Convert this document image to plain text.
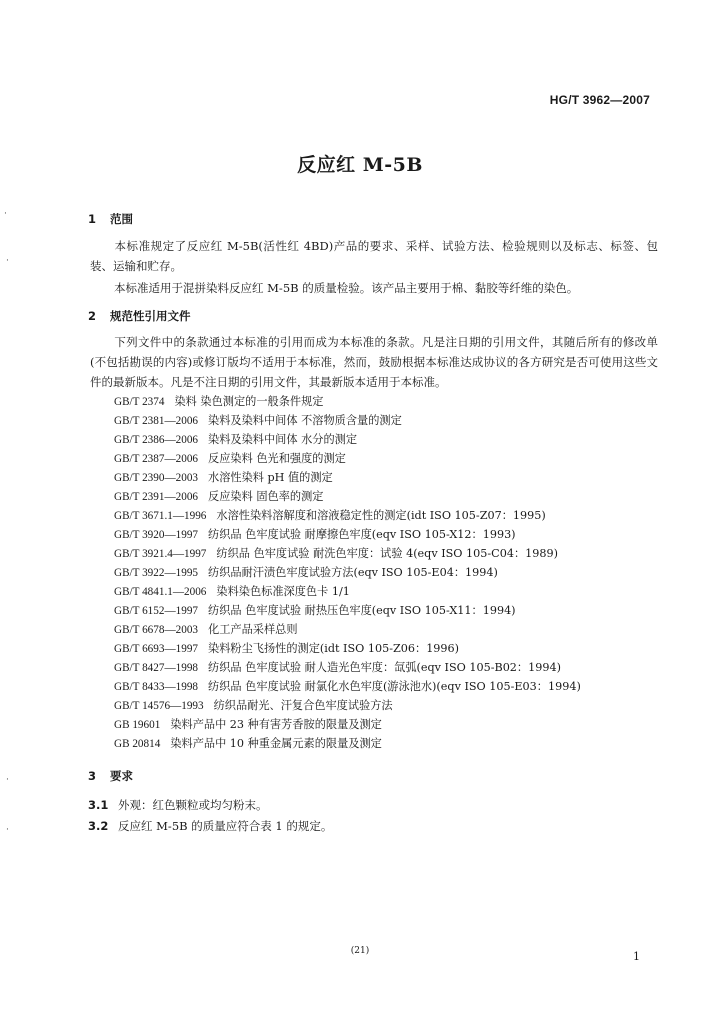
HG/T 3962—2007
反应红 M-5B
1 范围
本标准规定了反应红 M-5B(活性红 4BD)产品的要求、采样、试验方法、检验规则以及标志、标签、包装、运输和贮存。
本标准适用于混拼染料反应红 M-5B 的质量检验。该产品主要用于棉、黏胶等纤维的染色。
2 规范性引用文件
下列文件中的条款通过本标准的引用而成为本标准的条款。凡是注日期的引用文件，其随后所有的修改单(不包括勘误的内容)或修订版均不适用于本标准，然而，鼓励根据本标准达成协议的各方研究是否可使用这些文件的最新版本。凡是不注日期的引用文件，其最新版本适用于本标准。
GB/T 2374 染料 染色测定的一般条件规定
GB/T 2381—2006 染料及染料中间体 不溶物质含量的测定
GB/T 2386—2006 染料及染料中间体 水分的测定
GB/T 2387—2006 反应染料 色光和强度的测定
GB/T 2390—2003 水溶性染料 pH 值的测定
GB/T 2391—2006 反应染料 固色率的测定
GB/T 3671.1—1996 水溶性染料溶解度和溶液稳定性的测定(idt ISO 105-Z07：1995)
GB/T 3920—1997 纺织品 色牢度试验 耐摩擦色牢度(eqv ISO 105-X12：1993)
GB/T 3921.4—1997 纺织品 色牢度试验 耐洗色牢度：试验 4(eqv ISO 105-C04：1989)
GB/T 3922—1995 纺织品耐汗渍色牢度试验方法(eqv ISO 105-E04：1994)
GB/T 4841.1—2006 染料染色标准深度色卡 1/1
GB/T 6152—1997 纺织品 色牢度试验 耐热压色牢度(eqv ISO 105-X11：1994)
GB/T 6678—2003 化工产品采样总则
GB/T 6693—1997 染料粉尘飞扬性的测定(idt ISO 105-Z06：1996)
GB/T 8427—1998 纺织品 色牢度试验 耐人造光色牢度：氙弧(eqv ISO 105-B02：1994)
GB/T 8433—1998 纺织品 色牢度试验 耐氯化水色牢度(游泳池水)(eqv ISO 105-E03：1994)
GB/T 14576—1993 纺织品耐光、汗复合色牢度试验方法
GB 19601 染料产品中 23 种有害芳香胺的限量及测定
GB 20814 染料产品中 10 种重金属元素的限量及测定
3 要求
3.1 外观：红色颗粒或均匀粉末。
3.2 反应红 M-5B 的质量应符合表 1 的规定。
·
·
·
·
(21)	1
